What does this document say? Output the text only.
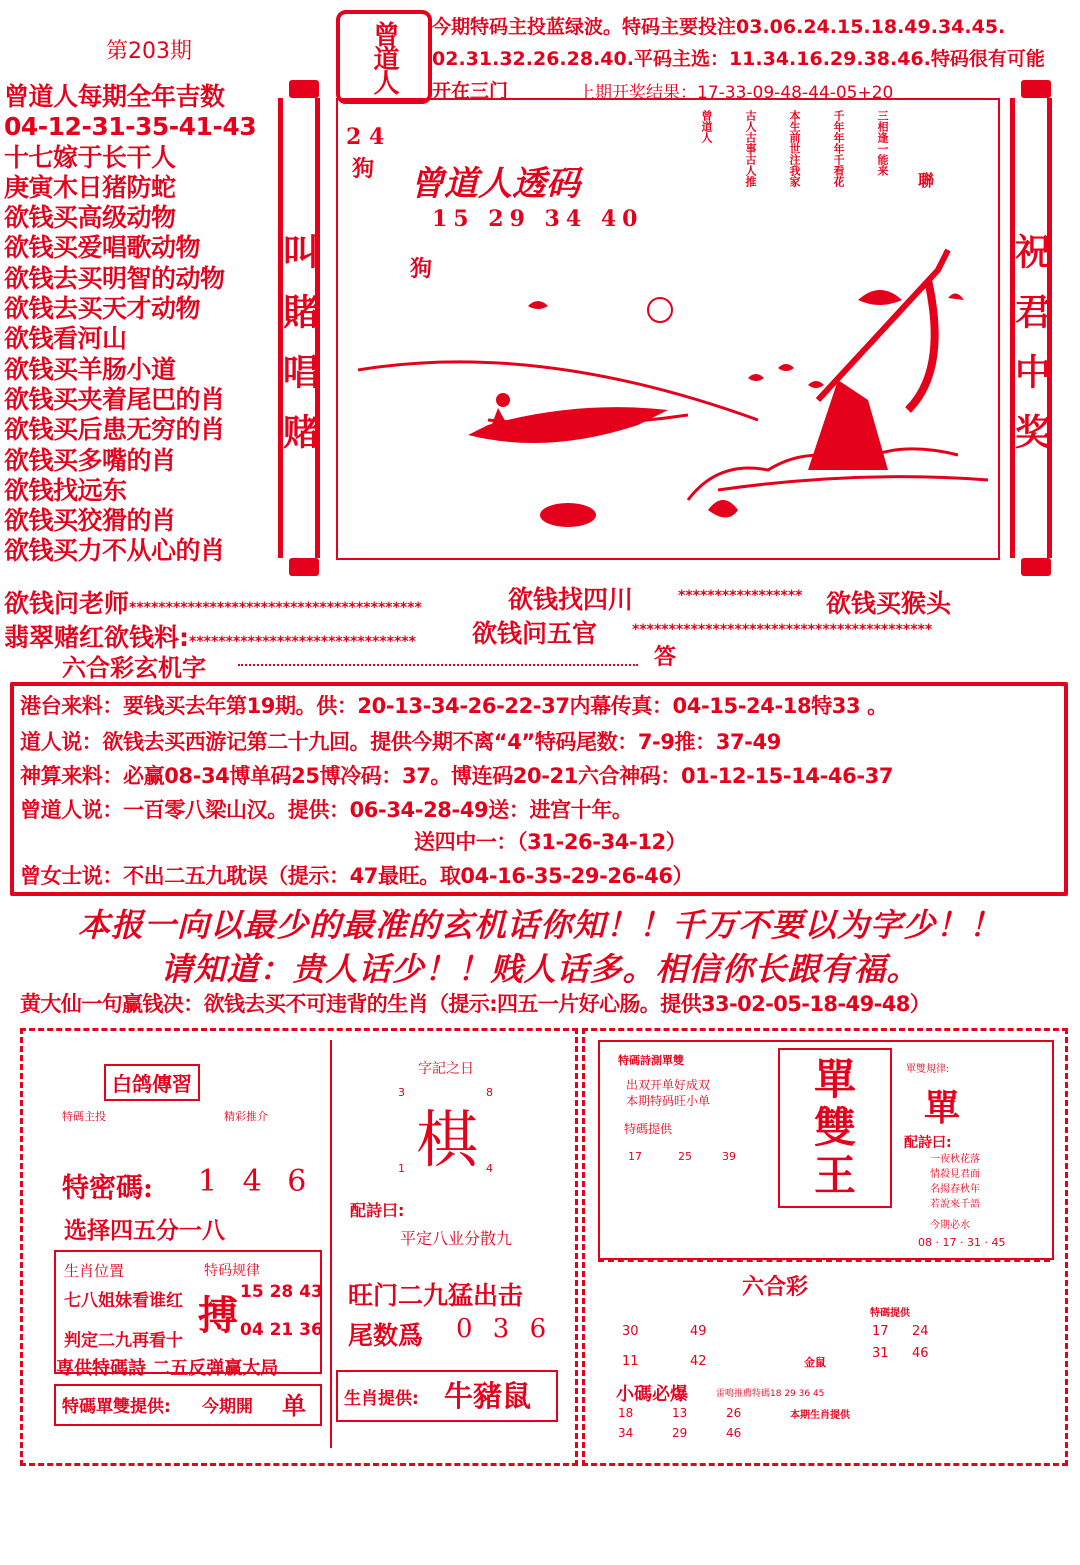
第203期	曾道人 今期特码主投蓝绿波。特码主要投注03.06.24.15.18.49.34.45.
02.31.32.26.28.40.平码主选：11.34.16.29.38.46.特码很有可能
开在三门	上期开奖结果：17-33-09-48-44-05+20
曾道人每期全年吉数
04-12-31-35-41-43
十七嫁于长干人
庚寅木日猪防蛇
欲钱买高级动物
欲钱买爱唱歌动物
欲钱去买明智的动物
欲钱去买天才动物
欲钱看河山
欲钱买羊肠小道
欲钱买夹着尾巴的肖
欲钱买后患无穷的肖
欲钱买多嘴的肖
欲钱找远东
欲钱买狡猾的肖
欲钱买力不从心的肖
叫賭唱赌
2 4
狗 曾道人透码
15 29 34 40
狗
曾道人	古人古事古人推	本生前世注我家	千年年年千看花	三相逢一能来
聯
祝君中奖
欲钱问老师****************************************	欲钱找四川	***************** 欲钱买猴头
翡翠赌红欲钱料:******************************* 欲钱问五官 *****************************************
六合彩玄机字	答
港台来料：要钱买去年第19期。供：20-13-34-26-22-37内幕传真：04-15-24-18特33 。
道人说：欲钱去买西游记第二十九回。提供今期不离“4”特码尾数：7-9推：37-49
神算来料：必赢08-34博单码25博冷码：37。博连码20-21六合神码：01-12-15-14-46-37
曾道人说：一百零八梁山汉。提供：06-34-28-49送：进宫十年。
送四中一：（31-26-34-12）
曾女士说：不出二五九耽误（提示：47最旺。取04-16-35-29-26-46）
本报一向以最少的最准的玄机话你知！！千万不要以为字少！！
请知道：贵人话少！！贱人话多。相信你长跟有福。
黄大仙一句赢钱决：欲钱去买不可违背的生肖（提示:四五一片好心肠。提供33-02-05-18-49-48）
白鸽傳習
特碼主投	精彩推介
特密碼: 1 4 6
选择四五分一八
生肖位置
七八姐妹看谁红
判定二九再看十
特码规律
搏 15 28 43
04 21 36
専供特碼詩 二五反弹赢大局
特碼單雙提供: 今期開 单
字記之日
3	8
棋
1	4
配詩曰:
平定八业分散九
旺门二九猛出击
尾数爲 0 3 6
生肖提供: 牛豬鼠
特碼詩測單雙
出双开单好成双
本期特码旺小单
特碼提供
17	25	39
單
雙
王
單雙規律:
單
配詩曰:
一夜秋花落
情殺見君面
名揚春秋年
若說來千語
今期必水
08 · 17 · 31 · 45
六合彩
30	49
11	42
特碼提供
17 24
31 46
金鼠
小碼必爆	雷鳴推薦特碼18 29 36 45
18	13	26
34	29	46
本期生肖提供
